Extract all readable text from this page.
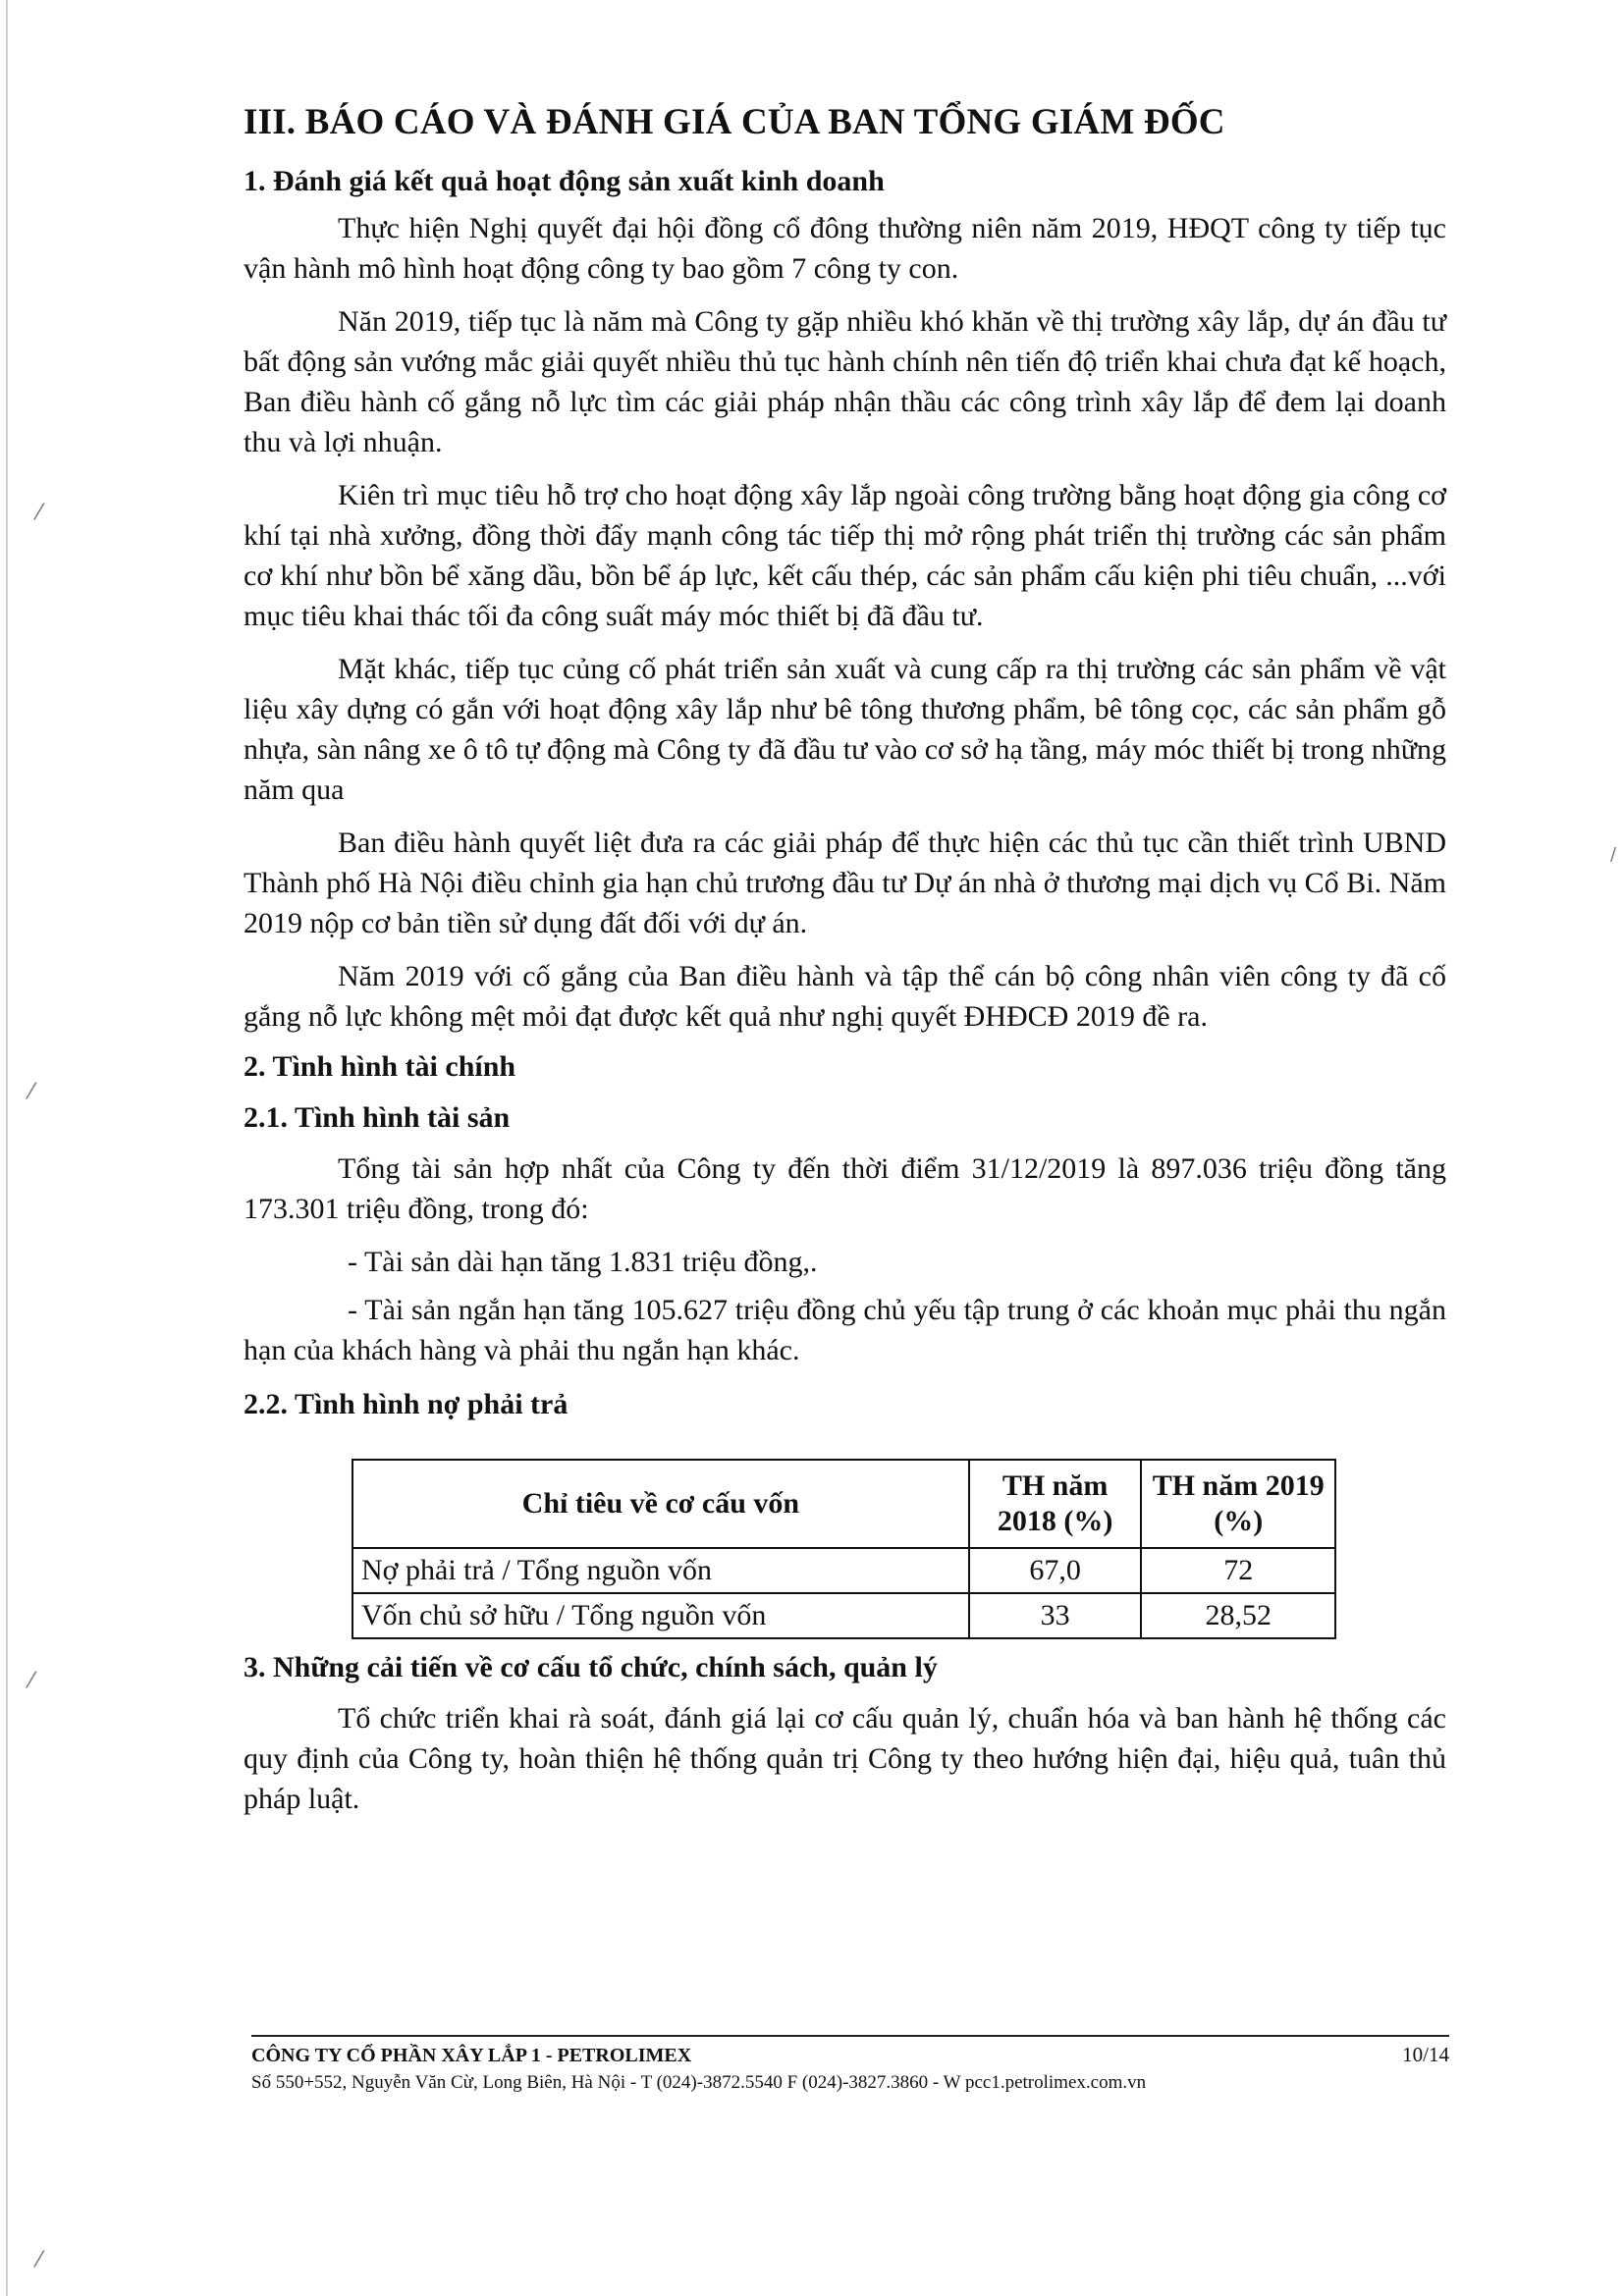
⁄
⁄
⁄
⁄
/
III. BÁO CÁO VÀ ĐÁNH GIÁ CỦA BAN TỔNG GIÁM ĐỐC
1. Đánh giá kết quả hoạt động sản xuất kinh doanh

Thực hiện Nghị quyết đại hội đồng cổ đông thường niên năm 2019, HĐQT công ty tiếp tục vận hành mô hình hoạt động công ty bao gồm 7 công ty con.

Năn 2019, tiếp tục là năm mà Công ty gặp nhiều khó khăn về thị trường xây lắp, dự án đầu tư bất động sản vướng mắc giải quyết nhiều thủ tục hành chính nên tiến độ triển khai chưa đạt kế hoạch, Ban điều hành cố gắng nỗ lực tìm các giải pháp nhận thầu các công trình xây lắp để đem lại doanh thu và lợi nhuận.

Kiên trì mục tiêu hỗ trợ cho hoạt động xây lắp ngoài công trường bằng hoạt động gia công cơ khí tại nhà xưởng, đồng thời đẩy mạnh công tác tiếp thị mở rộng phát triển thị trường các sản phẩm cơ khí như bồn bể xăng dầu, bồn bể áp lực, kết cấu thép, các sản phẩm cấu kiện phi tiêu chuẩn, ...với mục tiêu khai thác tối đa công suất máy móc thiết bị đã đầu tư.

Mặt khác, tiếp tục củng cố phát triển sản xuất và cung cấp ra thị trường các sản phẩm về vật liệu xây dựng có gắn với hoạt động xây lắp như bê tông thương phẩm, bê tông cọc, các sản phẩm gỗ nhựa, sàn nâng xe ô tô tự động mà Công ty đã đầu tư vào cơ sở hạ tầng, máy móc thiết bị trong những năm qua

Ban điều hành quyết liệt đưa ra các giải pháp để thực hiện các thủ tục cần thiết trình UBND Thành phố Hà Nội điều chỉnh gia hạn chủ trương đầu tư Dự án nhà ở thương mại dịch vụ Cổ Bi. Năm 2019 nộp cơ bản tiền sử dụng đất đối với dự án.

Năm 2019 với cố gắng của Ban điều hành và tập thể cán bộ công nhân viên công ty đã cố gắng nỗ lực không mệt mỏi đạt được kết quả như nghị quyết ĐHĐCĐ 2019 đề ra.

2. Tình hình tài chính
2.1. Tình hình tài sản

Tổng tài sản hợp nhất của Công ty đến thời điểm 31/12/2019 là 897.036 triệu đồng tăng 173.301 triệu đồng, trong đó:

- Tài sản dài hạn tăng 1.831 triệu đồng,.

- Tài sản ngắn hạn tăng 105.627 triệu đồng chủ yếu tập trung ở các khoản mục phải thu ngắn hạn của khách hàng và phải thu ngắn hạn khác.

2.2. Tình hình nợ phải trả
Chỉ tiêu về cơ cấu vốn	TH năm 2018 (%)	TH năm 2019 (%)
Nợ phải trả / Tổng nguồn vốn	67,0	72
Vốn chủ sở hữu / Tổng nguồn vốn	33	28,52
3. Những cải tiến về cơ cấu tổ chức, chính sách, quản lý

Tổ chức triển khai rà soát, đánh giá lại cơ cấu quản lý, chuẩn hóa và ban hành hệ thống các quy định của Công ty, hoàn thiện hệ thống quản trị Công ty theo hướng hiện đại, hiệu quả, tuân thủ pháp luật.

CÔNG TY CỔ PHẦN XÂY LẮP 1 - PETROLIMEX	10/14
Số 550+552, Nguyễn Văn Cừ, Long Biên, Hà Nội - T (024)-3872.5540 F (024)-3827.3860 - W pcc1.petrolimex.com.vn
